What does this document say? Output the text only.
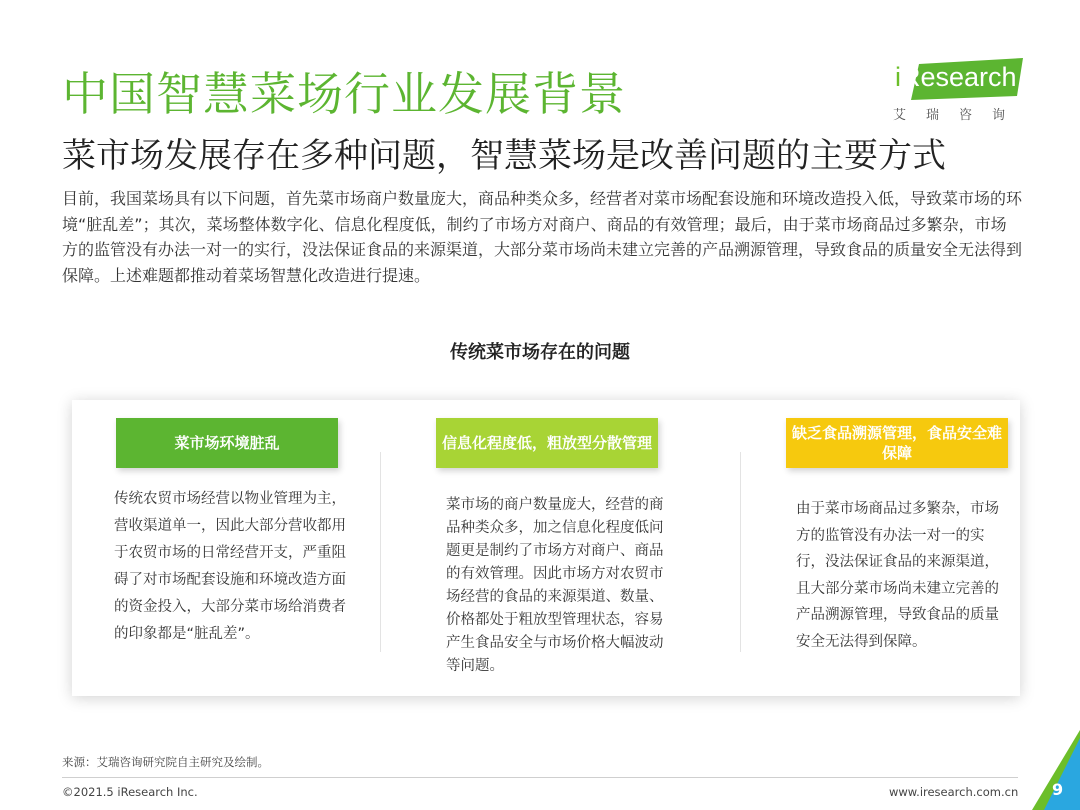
中国智慧菜场行业发展背景
菜市场发展存在多种问题，智慧菜场是改善问题的主要方式
iResearch
艾瑞咨询
目前，我国菜场具有以下问题，首先菜市场商户数量庞大，商品种类众多，经营者对菜市场配套设施和环境改造投入低，导致菜市场的环境“脏乱差”；其次，菜场整体数字化、信息化程度低，制约了市场方对商户、商品的有效管理；最后，由于菜市场商品过多繁杂，市场方的监管没有办法一对一的实行，没法保证食品的来源渠道，大部分菜市场尚未建立完善的产品溯源管理，导致食品的质量安全无法得到保障。上述难题都推动着菜场智慧化改造进行提速。
传统菜市场存在的问题
菜市场环境脏乱	信息化程度低，粗放型分散管理
缺乏食品溯源管理，食品安全难保障
传统农贸市场经营以物业管理为主，营收渠道单一，因此大部分营收都用于农贸市场的日常经营开支，严重阻碍了对市场配套设施和环境改造方面的资金投入，大部分菜市场给消费者的印象都是“脏乱差”。
菜市场的商户数量庞大，经营的商品种类众多，加之信息化程度低问题更是制约了市场方对商户、商品的有效管理。因此市场方对农贸市场经营的食品的来源渠道、数量、价格都处于粗放型管理状态，容易产生食品安全与市场价格大幅波动等问题。
由于菜市场商品过多繁杂，市场方的监管没有办法一对一的实行，没法保证食品的来源渠道，且大部分菜市场尚未建立完善的产品溯源管理，导致食品的质量安全无法得到保障。
来源：艾瑞咨询研究院自主研究及绘制。
©2021.5 iResearch Inc.	www.iresearch.com.cn 9
